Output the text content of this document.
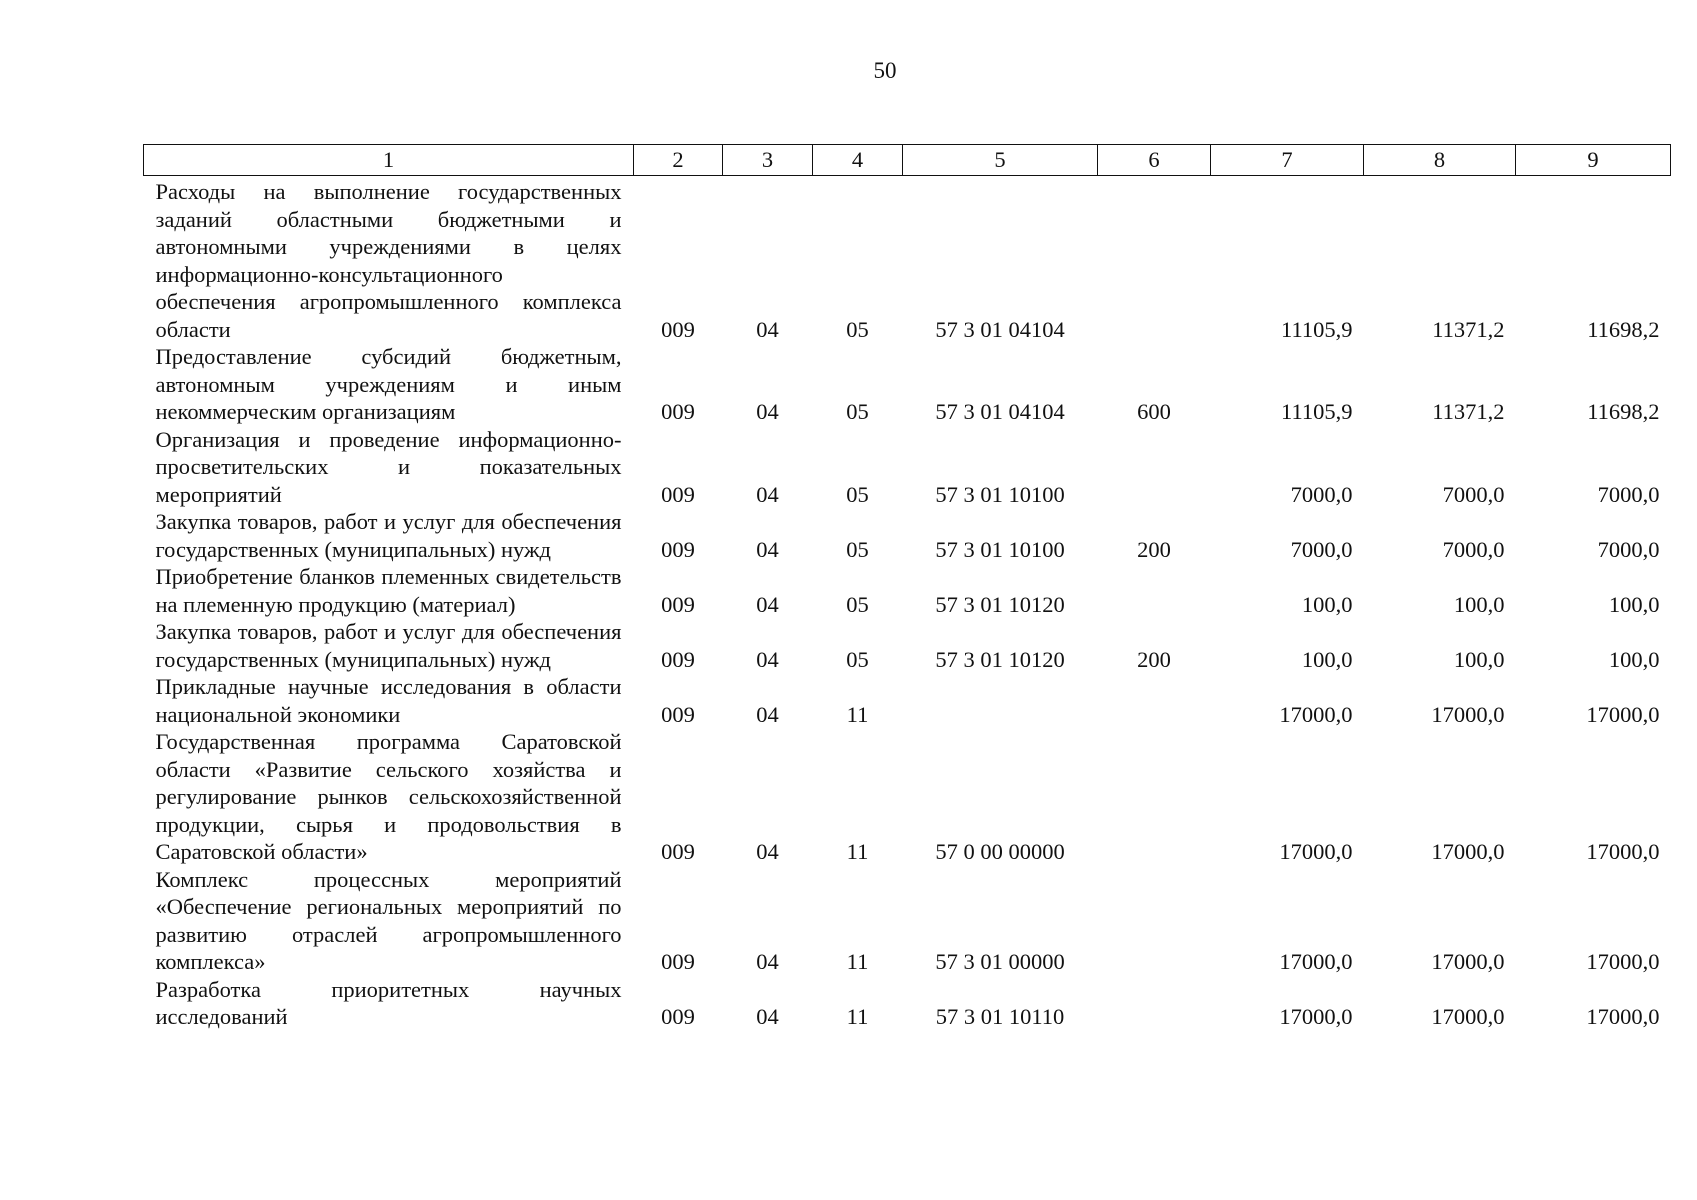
50
1	2	3	4	5	6	7	8	9
Расходы на выполнение государственных заданий областными бюджетными и автономными учреждениями в целях информационно-консультационного обеспечения агропромышленного комплекса области	009	04	05	57 3 01 04104		11105,9	11371,2	11698,2
Предоставление субсидий бюджетным, автономным учреждениям и иным некоммерческим организациям	009	04	05	57 3 01 04104	600	11105,9	11371,2	11698,2
Организация и проведение информационно-просветительских и показательных мероприятий	009	04	05	57 3 01 10100		7000,0	7000,0	7000,0
Закупка товаров, работ и услуг для обеспечения государственных (муниципальных) нужд	009	04	05	57 3 01 10100	200	7000,0	7000,0	7000,0
Приобретение бланков племенных свидетельств на племенную продукцию (материал)	009	04	05	57 3 01 10120		100,0	100,0	100,0
Закупка товаров, работ и услуг для обеспечения государственных (муниципальных) нужд	009	04	05	57 3 01 10120	200	100,0	100,0	100,0
Прикладные научные исследования в области национальной экономики	009	04	11			17000,0	17000,0	17000,0
Государственная программа Саратовской области «Развитие сельского хозяйства и регулирование рынков сельскохозяйственной продукции, сырья и продовольствия в Саратовской области»	009	04	11	57 0 00 00000		17000,0	17000,0	17000,0
Комплекс процессных мероприятий «Обеспечение региональных мероприятий по развитию отраслей агропромышленного комплекса»	009	04	11	57 3 01 00000		17000,0	17000,0	17000,0
Разработка приоритетных научных исследований	009	04	11	57 3 01 10110		17000,0	17000,0	17000,0
